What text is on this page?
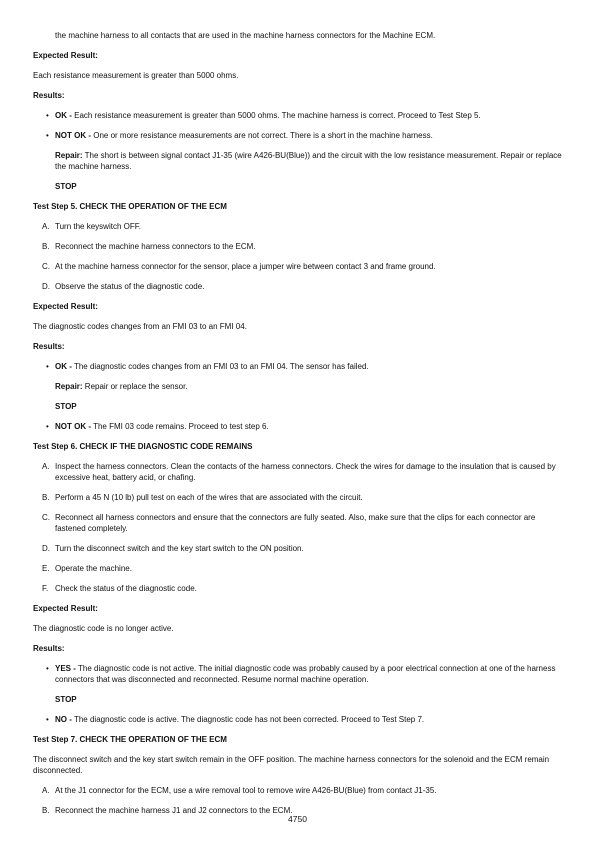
the machine harness to all contacts that are used in the machine harness connectors for the Machine ECM.

Expected Result:

Each resistance measurement is greater than 5000 ohms.

Results:

• OK - Each resistance measurement is greater than 5000 ohms. The machine harness is correct. Proceed to Test Step 5.
• NOT OK - One or more resistance measurements are not correct. There is a short in the machine harness.

Repair: The short is between signal contact J1-35 (wire A426-BU(Blue)) and the circuit with the low resistance measurement. Repair or replace the machine harness.

STOP

Test Step 5. CHECK THE OPERATION OF THE ECM

A. Turn the keyswitch OFF.
B. Reconnect the machine harness connectors to the ECM.
C. At the machine harness connector for the sensor, place a jumper wire between contact 3 and frame ground.
D. Observe the status of the diagnostic code.

Expected Result:

The diagnostic codes changes from an FMI 03 to an FMI 04.

Results:

• OK - The diagnostic codes changes from an FMI 03 to an FMI 04. The sensor has failed.

Repair: Repair or replace the sensor.

STOP

• NOT OK - The FMI 03 code remains. Proceed to test step 6.

Test Step 6. CHECK IF THE DIAGNOSTIC CODE REMAINS

A. Inspect the harness connectors. Clean the contacts of the harness connectors. Check the wires for damage to the insulation that is caused by excessive heat, battery acid, or chafing.
B. Perform a 45 N (10 lb) pull test on each of the wires that are associated with the circuit.
C. Reconnect all harness connectors and ensure that the connectors are fully seated. Also, make sure that the clips for each connector are fastened completely.
D. Turn the disconnect switch and the key start switch to the ON position.
E. Operate the machine.
F. Check the status of the diagnostic code.

Expected Result:

The diagnostic code is no longer active.

Results:

• YES - The diagnostic code is not active. The initial diagnostic code was probably caused by a poor electrical connection at one of the harness connectors that was disconnected and reconnected. Resume normal machine operation.

STOP

• NO - The diagnostic code is active. The diagnostic code has not been corrected. Proceed to Test Step 7.

Test Step 7. CHECK THE OPERATION OF THE ECM

The disconnect switch and the key start switch remain in the OFF position. The machine harness connectors for the solenoid and the ECM remain disconnected.

A. At the J1 connector for the ECM, use a wire removal tool to remove wire A426-BU(Blue) from contact J1-35.
B. Reconnect the machine harness J1 and J2 connectors to the ECM.
4750
